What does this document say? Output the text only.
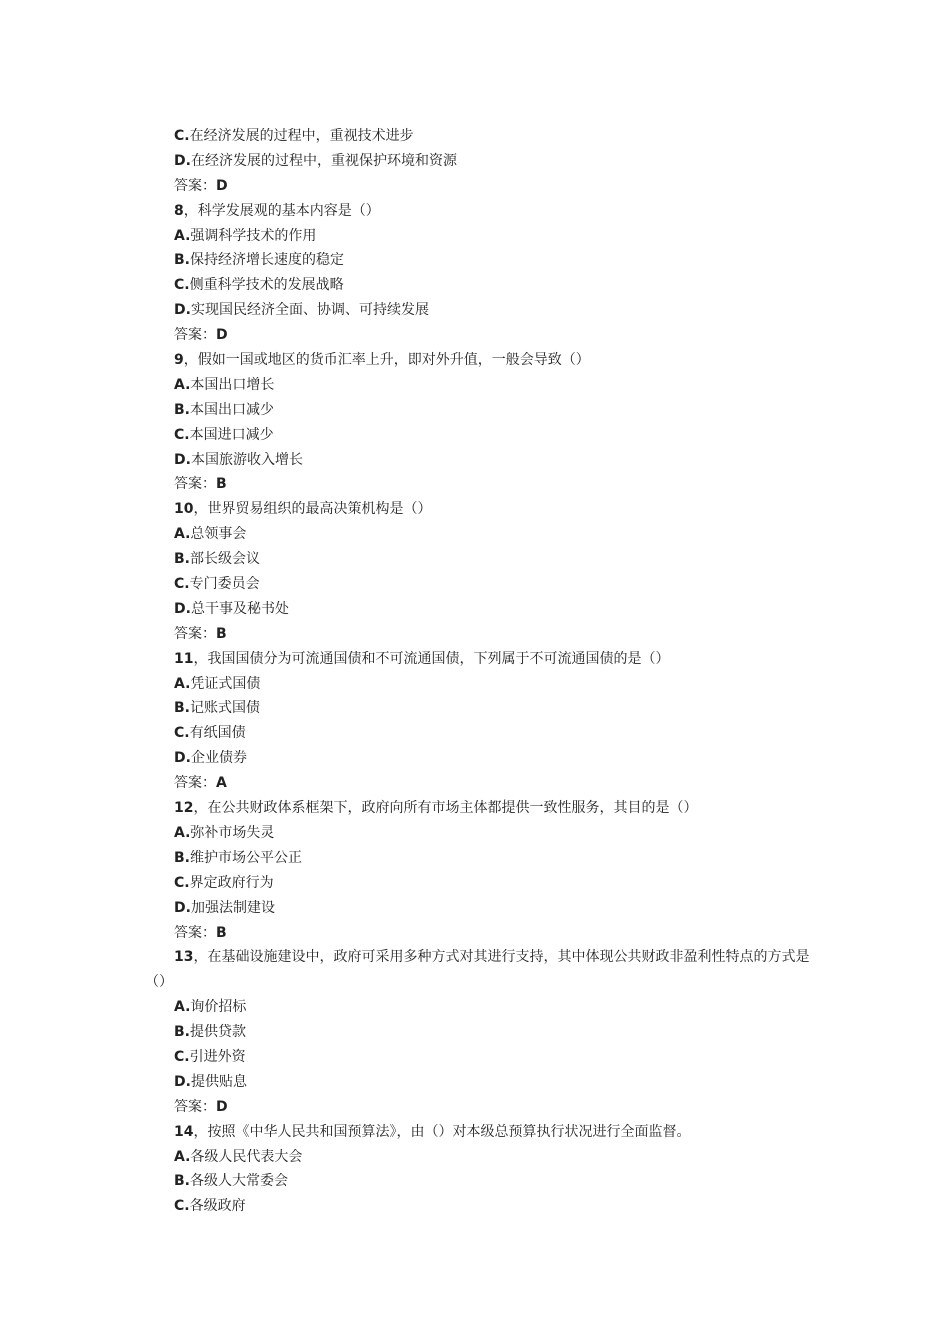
C.在经济发展的过程中，重视技术进步
D.在经济发展的过程中，重视保护环境和资源
答案：D
8，科学发展观的基本内容是（）
A.强调科学技术的作用
B.保持经济增长速度的稳定
C.侧重科学技术的发展战略
D.实现国民经济全面、协调、可持续发展
答案：D
9，假如一国或地区的货币汇率上升，即对外升值，一般会导致（）
A.本国出口增长
B.本国出口减少
C.本国进口减少
D.本国旅游收入增长
答案：B
10，世界贸易组织的最高决策机构是（）
A.总领事会
B.部长级会议
C.专门委员会
D.总干事及秘书处
答案：B
11，我国国债分为可流通国债和不可流通国债，下列属于不可流通国债的是（）
A.凭证式国债
B.记账式国债
C.有纸国债
D.企业债券
答案：A
12，在公共财政体系框架下，政府向所有市场主体都提供一致性服务，其目的是（）
A.弥补市场失灵
B.维护市场公平公正
C.界定政府行为
D.加强法制建设
答案：B
13，在基础设施建设中，政府可采用多种方式对其进行支持，其中体现公共财政非盈利性特点的方式是（）
A.询价招标
B.提供贷款
C.引进外资
D.提供贴息
答案：D
14，按照《中华人民共和国预算法》，由（）对本级总预算执行状况进行全面监督。
A.各级人民代表大会
B.各级人大常委会
C.各级政府
